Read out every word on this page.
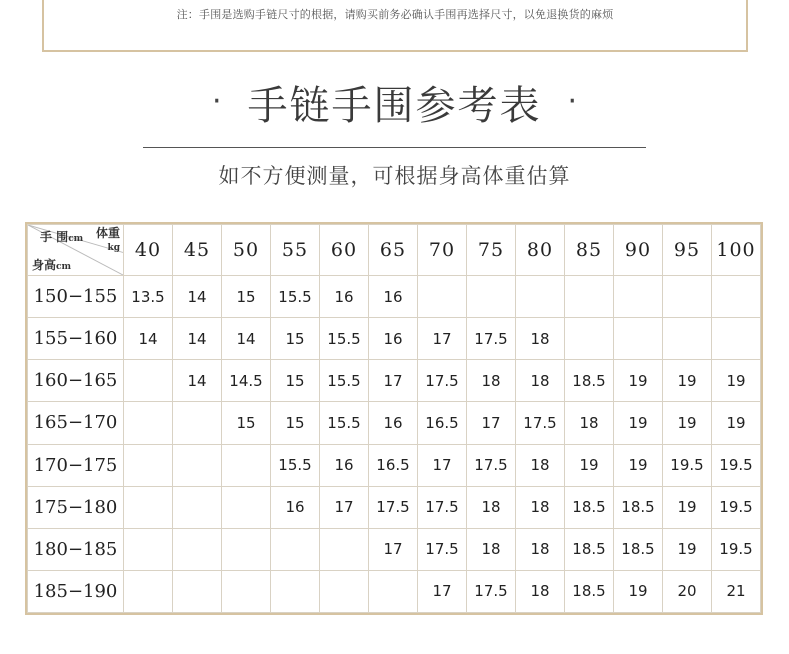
注：手围是选购手链尺寸的根据，请购买前务必确认手围再选择尺寸，以免退换货的麻烦
· 手链手围参考表 ·
如不方便测量，可根据身高体重估算
手 围cm 体重
kg
身高cm	40	45	50	55	60	65	70	75	80	85	90	95	100
150−155	13.5	14	15	15.5	16	16							
155−160	14	14	14	15	15.5	16	17	17.5	18				
160−165		14	14.5	15	15.5	17	17.5	18	18	18.5	19	19	19
165−170			15	15	15.5	16	16.5	17	17.5	18	19	19	19
170−175				15.5	16	16.5	17	17.5	18	19	19	19.5	19.5
175−180				16	17	17.5	17.5	18	18	18.5	18.5	19	19.5
180−185						17	17.5	18	18	18.5	18.5	19	19.5
185−190							17	17.5	18	18.5	19	20	21
